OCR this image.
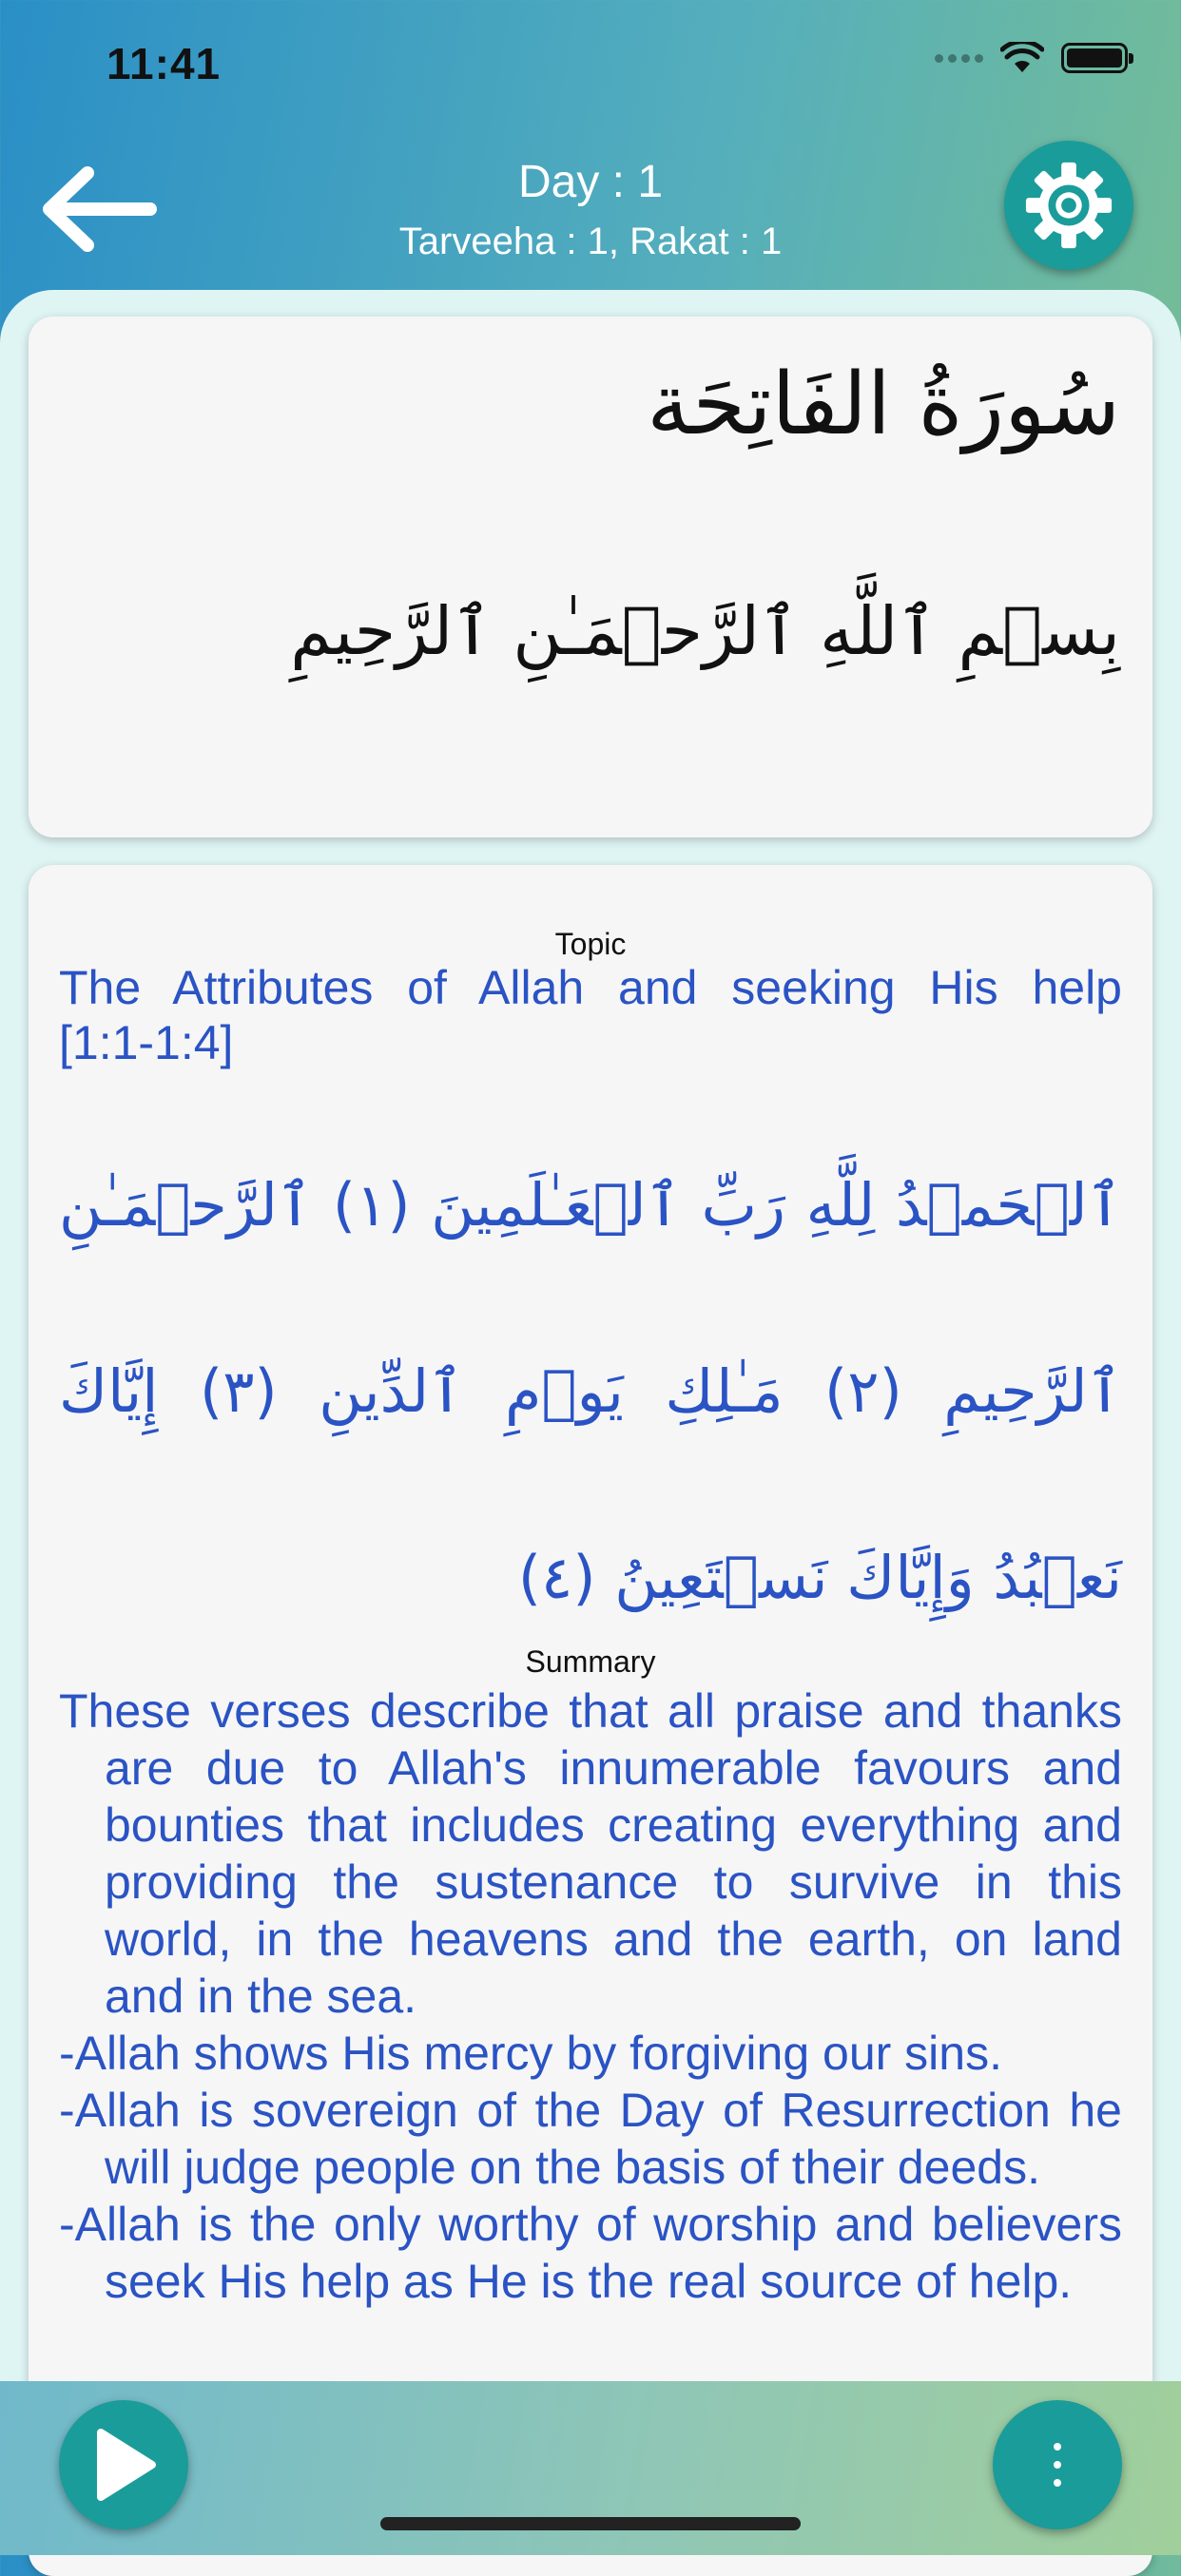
11:41
Day : 1
Tarveeha : 1, Rakat : 1
سُورَةُ الفَاتِحَة
بِسۡمِ ٱللَّهِ ٱلرَّحۡمَـٰنِ ٱلرَّحِيمِ
Topic
The Attributes of Allah and seeking His help [1:1-1:4]
ٱلۡحَمۡدُ لِلَّهِ رَبِّ ٱلۡعَـٰلَمِينَ (١) ٱلرَّحۡمَـٰنِ ٱلرَّحِيمِ (٢) مَـٰلِكِ يَوۡمِ ٱلدِّينِ (٣) إِيَّاكَ نَعۡبُدُ وَإِيَّاكَ نَسۡتَعِينُ (٤)
Summary

These verses describe that all praise and thanks are due to Allah's innumerable favours and bounties that includes creating everything and providing the sustenance to survive in this world, in the heavens and the earth, on land and in the sea.

-Allah shows His mercy by forgiving our sins.

-Allah is sovereign of the Day of Resurrection he will judge people on the basis of their deeds.

-Allah is the only worthy of worship and believers seek His help as He is the real source of help.
